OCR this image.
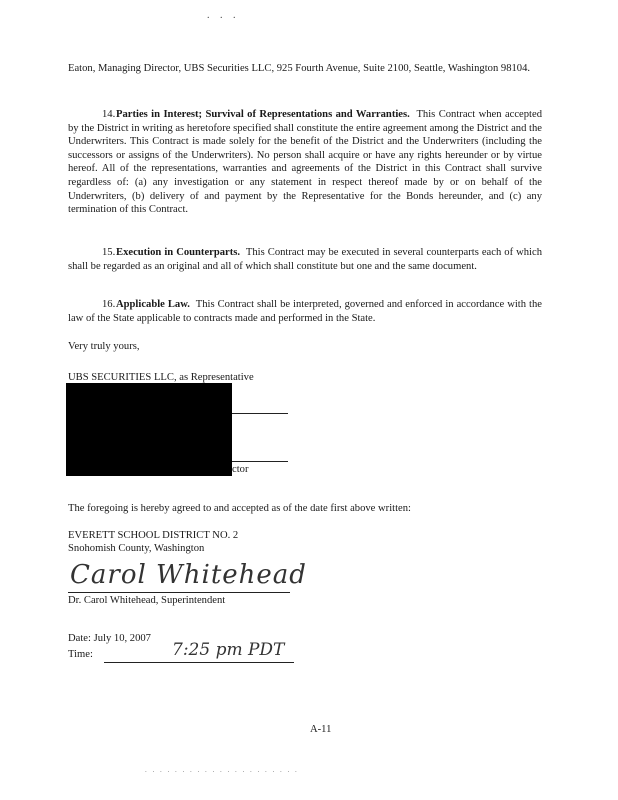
. . .

Eaton, Managing Director, UBS Securities LLC, 925 Fourth Avenue, Suite 2100, Seattle, Washington 98104.

14.Parties in Interest; Survival of Representations and Warranties. This Contract when accepted by the District in writing as heretofore specified shall constitute the entire agreement among the District and the Underwriters. This Contract is made solely for the benefit of the District and the Underwriters (including the successors or assigns of the Underwriters). No person shall acquire or have any rights hereunder or by virtue hereof. All of the representations, warranties and agreements of the District in this Contract shall survive regardless of: (a) any investigation or any statement in respect thereof made by or on behalf of the Underwriters, (b) delivery of and payment by the Representative for the Bonds hereunder, and (c) any termination of this Contract.

15.Execution in Counterparts. This Contract may be executed in several counterparts each of which shall be regarded as an original and all of which shall constitute but one and the same document.

16.Applicable Law. This Contract shall be interpreted, governed and enforced in accordance with the law of the State applicable to contracts made and performed in the State.

Very truly yours,
UBS SECURITIES LLC, as Representative
ctor
The foregoing is hereby agreed to and accepted as of the date first above written:
EVERETT SCHOOL DISTRICT NO. 2
Snohomish County, Washington
Carol Whitehead
Dr. Carol Whitehead, Superintendent
Date: July 10, 2007
Time:	7:25 pm PDT
A-11
. . . . . . . . . . . . . . . . . . . . .
